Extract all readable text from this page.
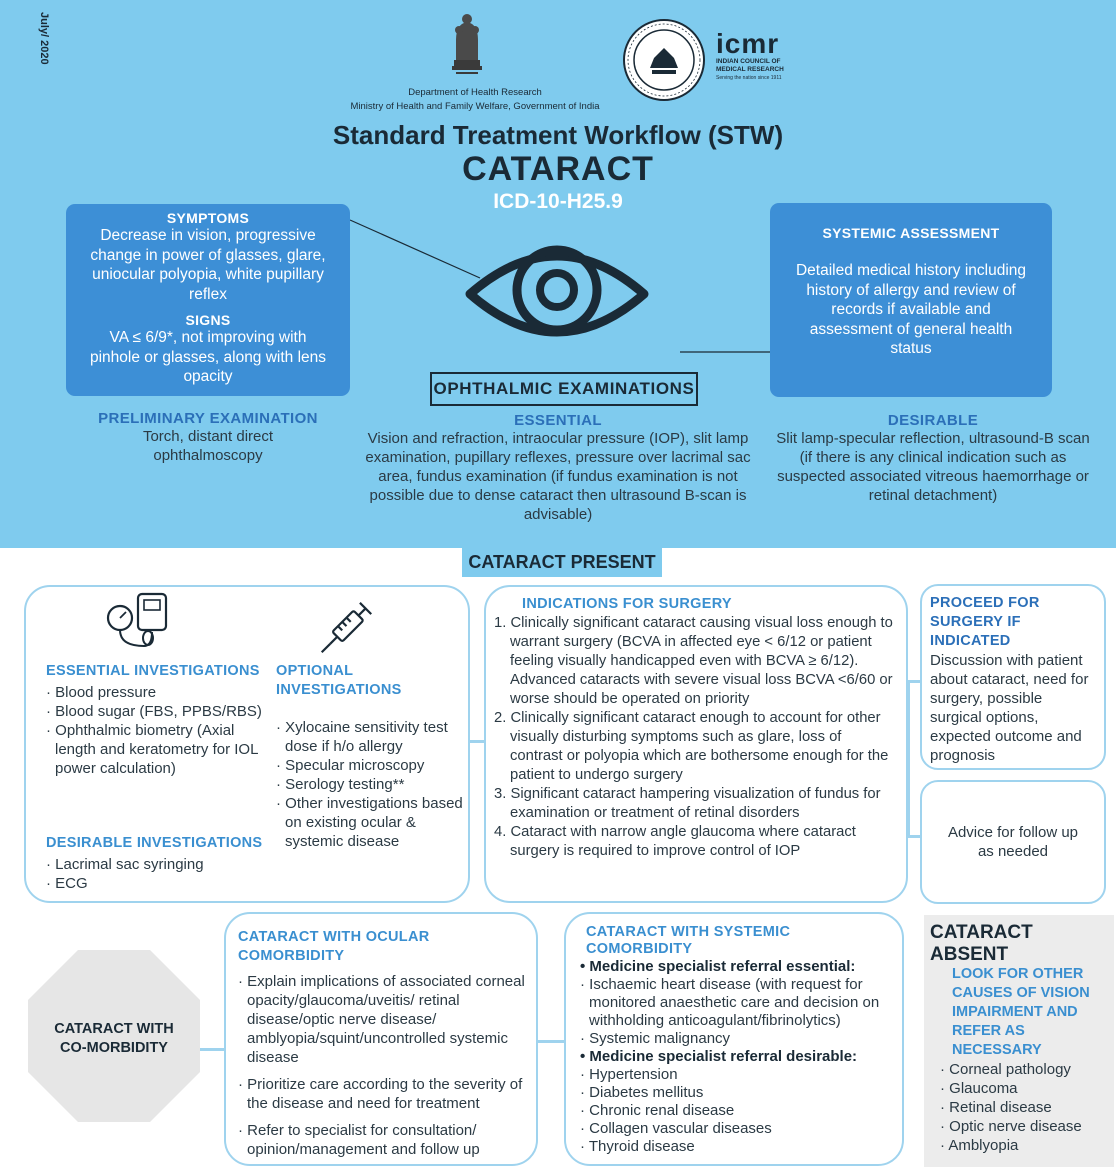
July/ 2020
Department of Health Research
Ministry of Health and Family Welfare, Government of India
icmr
INDIAN COUNCIL OF
MEDICAL RESEARCH
Serving the nation since 1911
Standard Treatment Workflow (STW)
CATARACT
ICD-10-H25.9
SYMPTOMS
Decrease in vision, progressive change in power of glasses, glare, uniocular polyopia, white pupillary reflex
SIGNS
VA ≤ 6/9*, not improving with pinhole or glasses, along with lens opacity
SYSTEMIC ASSESSMENT
Detailed medical history including history of allergy and review of records if available and assessment of general health status
OPHTHALMIC EXAMINATIONS
PRELIMINARY EXAMINATION
Torch, distant direct ophthalmoscopy
ESSENTIAL
Vision and refraction, intraocular pressure (IOP), slit lamp examination, pupillary reflexes, pressure over lacrimal sac area, fundus examination (if fundus examination is not possible due to dense cataract then ultrasound B-scan is advisable)
DESIRABLE
Slit lamp-specular reflection, ultrasound-B scan (if there is any clinical indication such as suspected associated vitreous haemorrhage or retinal detachment)
CATARACT PRESENT
ESSENTIAL INVESTIGATIONS
· Blood pressure
· Blood sugar (FBS, PPBS/RBS)
· Ophthalmic biometry (Axial length and keratometry for IOL power calculation)
DESIRABLE INVESTIGATIONS
· Lacrimal sac syringing
· ECG
OPTIONAL INVESTIGATIONS
· Xylocaine sensitivity test dose if h/o allergy
· Specular microscopy
· Serology testing**
· Other investigations based on existing ocular & systemic disease
INDICATIONS FOR SURGERY
1. Clinically significant cataract causing visual loss enough to warrant surgery (BCVA in affected eye < 6/12 or patient feeling visually handicapped even with BCVA ≥ 6/12). Advanced cataracts with severe visual loss BCVA <6/60 or worse should be operated on priority
2. Clinically significant cataract enough to account for other visually disturbing symptoms such as glare, loss of contrast or polyopia which are bothersome enough for the patient to undergo surgery
3. Significant cataract hampering visualization of fundus for examination or treatment of retinal disorders
4. Cataract with narrow angle glaucoma where cataract surgery is required to improve control of IOP
PROCEED FOR SURGERY IF INDICATED
Discussion with patient about cataract, need for surgery, possible surgical options, expected outcome and prognosis
Advice for follow up as needed
CATARACT WITH CO-MORBIDITY
CATARACT WITH OCULAR COMORBIDITY
· Explain implications of associated corneal opacity/glaucoma/uveitis/ retinal disease/optic nerve disease/ amblyopia/squint/uncontrolled systemic disease
· Prioritize care according to the severity of the disease and need for treatment
· Refer to specialist for consultation/ opinion/management and follow up
CATARACT WITH SYSTEMIC COMORBIDITY
• Medicine specialist referral essential:
· Ischaemic heart disease (with request for monitored anaesthetic care and decision on withholding anticoagulant/fibrinolytics)
· Systemic malignancy
• Medicine specialist referral desirable:
· Hypertension
· Diabetes mellitus
· Chronic renal disease
· Collagen vascular diseases
· Thyroid disease
CATARACT ABSENT
LOOK FOR OTHER CAUSES OF VISION IMPAIRMENT AND REFER AS NECESSARY
· Corneal pathology
· Glaucoma
· Retinal disease
· Optic nerve disease
· Amblyopia
